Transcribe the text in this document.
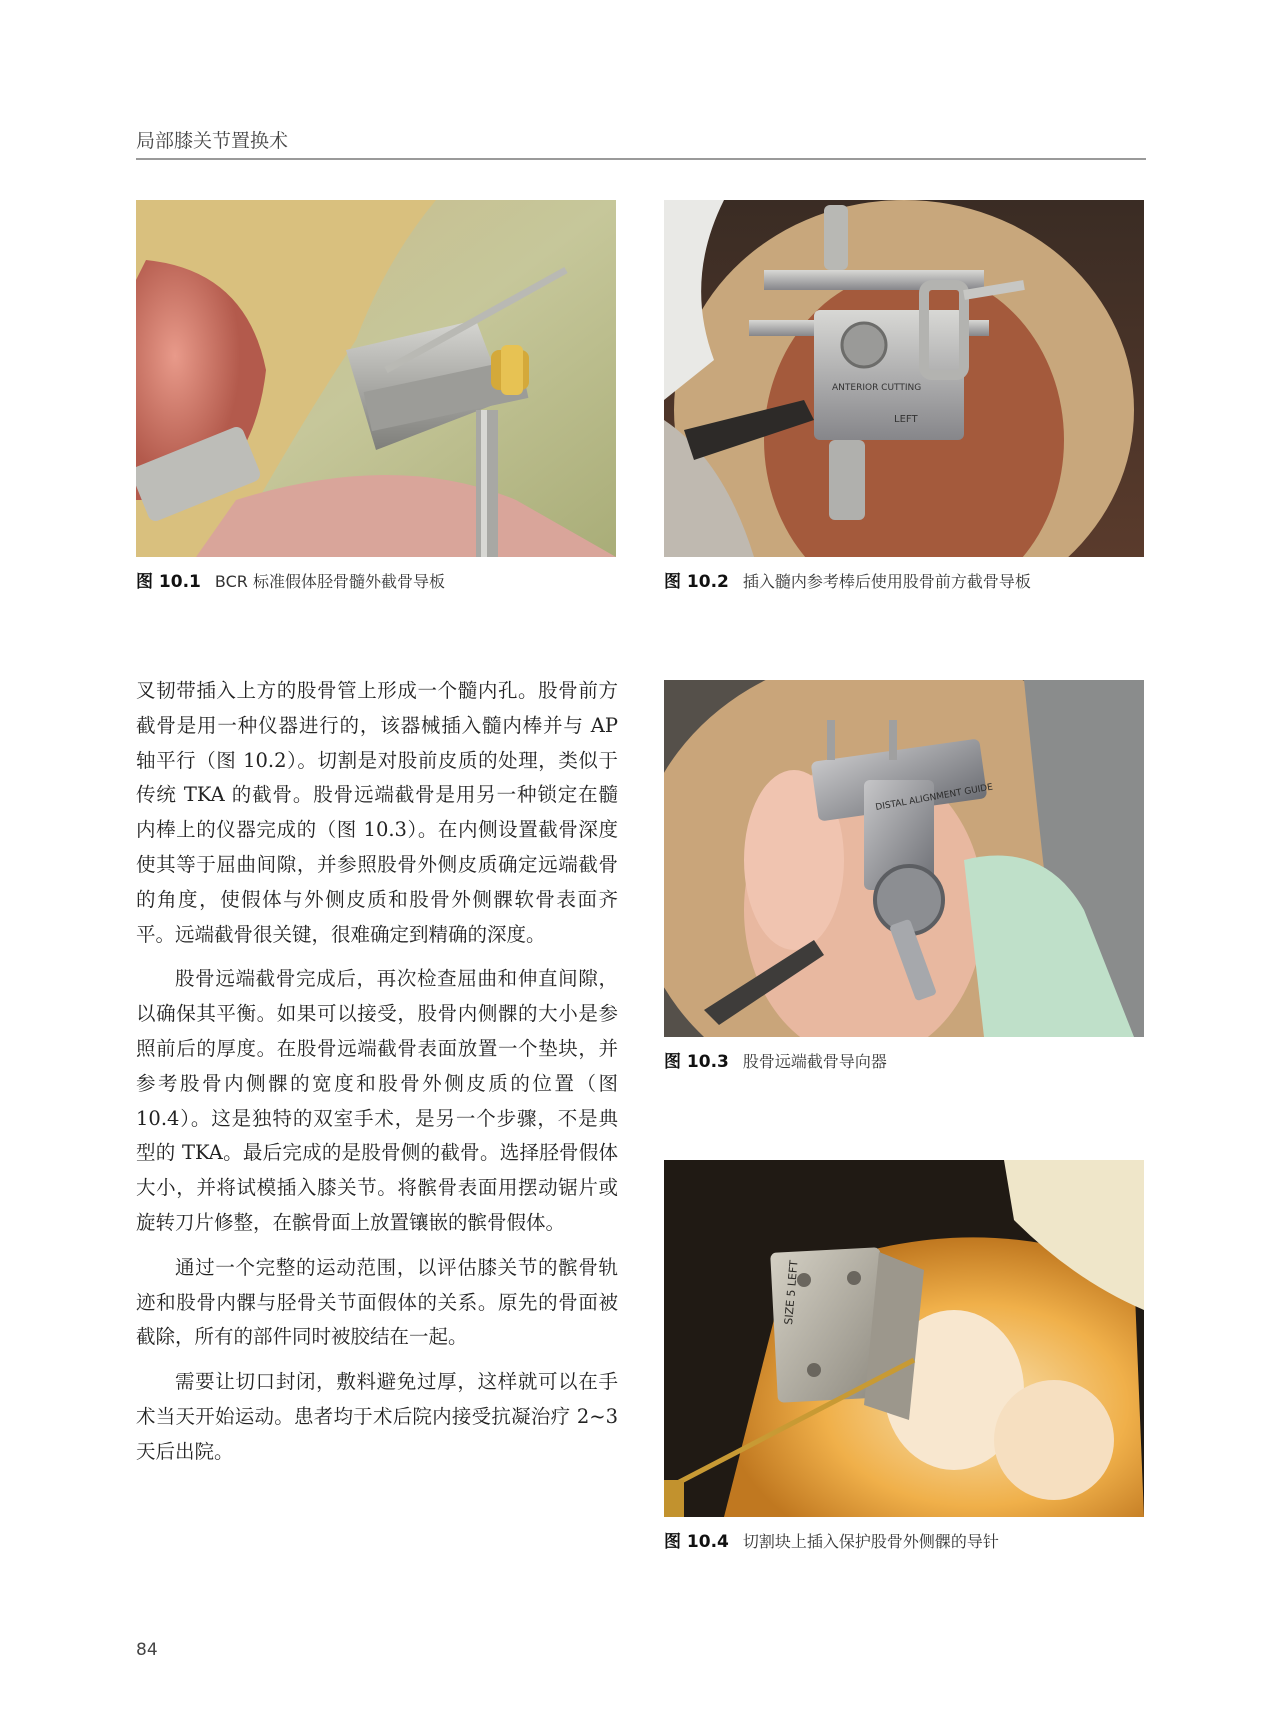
局部膝关节置换术
图 10.1 BCR 标准假体胫骨髓外截骨导板
ANTERIOR CUTTING
LEFT
图 10.2 插入髓内参考棒后使用股骨前方截骨导板

叉韧带插入上方的股骨管上形成一个髓内孔。股骨前方截骨是用一种仪器进行的，该器械插入髓内棒并与 AP 轴平行（图 10.2）。切割是对股前皮质的处理，类似于传统 TKA 的截骨。股骨远端截骨是用另一种锁定在髓内棒上的仪器完成的（图 10.3）。在内侧设置截骨深度使其等于屈曲间隙，并参照股骨外侧皮质确定远端截骨的角度，使假体与外侧皮质和股骨外侧髁软骨表面齐平。远端截骨很关键，很难确定到精确的深度。

股骨远端截骨完成后，再次检查屈曲和伸直间隙，以确保其平衡。如果可以接受，股骨内侧髁的大小是参照前后的厚度。在股骨远端截骨表面放置一个垫块，并参考股骨内侧髁的宽度和股骨外侧皮质的位置（图 10.4）。这是独特的双室手术，是另一个步骤，不是典型的 TKA。最后完成的是股骨侧的截骨。选择胫骨假体大小，并将试模插入膝关节。将髌骨表面用摆动锯片或旋转刀片修整，在髌骨面上放置镶嵌的髌骨假体。

通过一个完整的运动范围，以评估膝关节的髌骨轨迹和股骨内髁与胫骨关节面假体的关系。原先的骨面被截除，所有的部件同时被胶结在一起。

需要让切口封闭，敷料避免过厚，这样就可以在手术当天开始运动。患者均于术后院内接受抗凝治疗 2~3 天后出院。

DISTAL ALIGNMENT GUIDE
图 10.3 股骨远端截骨导向器
SIZE 5 LEFT
图 10.4 切割块上插入保护股骨外侧髁的导针
84
